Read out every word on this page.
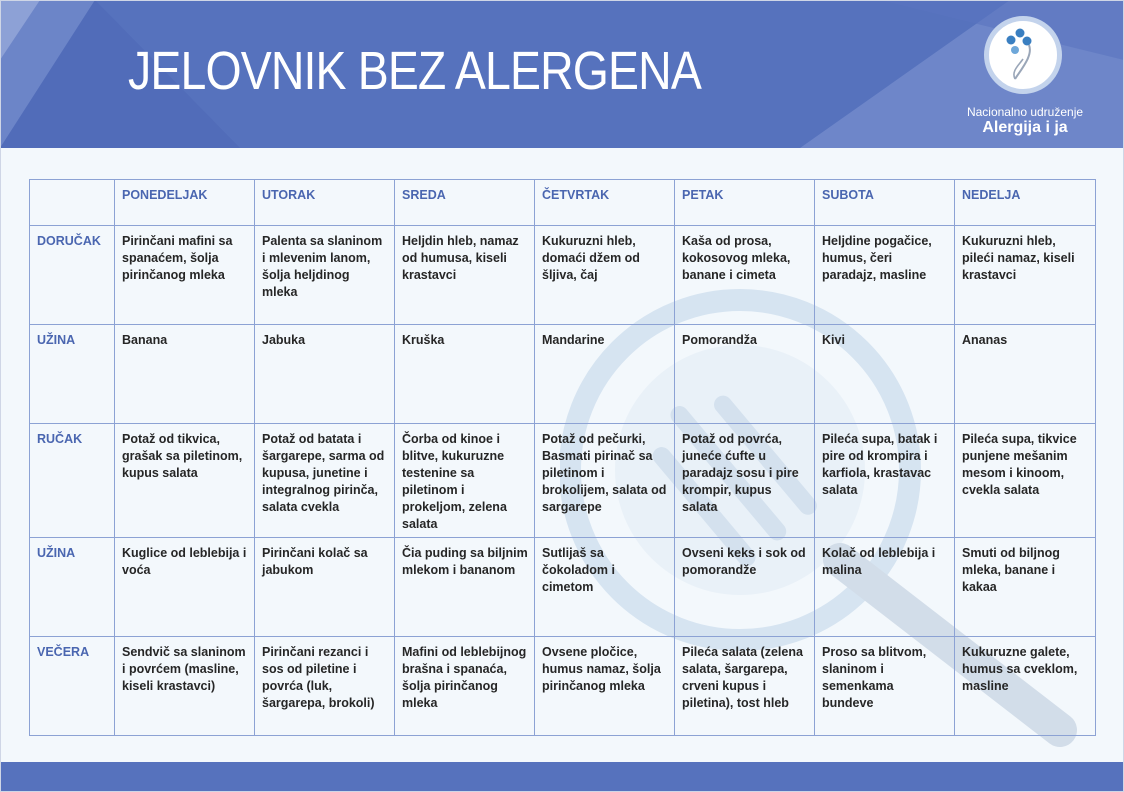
JELOVNIK BEZ ALERGENA
Nacionalno udruženje
Alergija i ja
	PONEDELJAK	UTORAK	SREDA	ČETVRTAK	PETAK	SUBOTA	NEDELJA
DORUČAK	Pirinčani mafini sa spanaćem, šolja pirinčanog mleka	Palenta sa slaninom i mlevenim lanom, šolja heljdinog mleka	Heljdin hleb, namaz od humusa, kiseli krastavci	Kukuruzni hleb, domaći džem od šljiva, čaj	Kaša od prosa, kokosovog mleka, banane i cimeta	Heljdine pogačice, humus, čeri paradajz, masline	Kukuruzni hleb, pileći namaz, kiseli krastavci
UŽINA	Banana	Jabuka	Kruška	Mandarine	Pomorandža	Kivi	Ananas
RUČAK	Potaž od tikvica, grašak sa piletinom, kupus salata	Potaž od batata i šargarepe, sarma od kupusa, junetine i integralnog pirinča, salata cvekla	Čorba od kinoe i blitve, kukuruzne testenine sa piletinom i prokeljom, zelena salata	Potaž od pečurki, Basmati pirinač sa piletinom i brokolijem, salata od sargarepe	Potaž od povrća, juneće ćufte u paradajz sosu i pire krompir, kupus salata	Pileća supa, batak i pire od krompira i karfiola, krastavac salata	Pileća supa, tikvice punjene mešanim mesom i kinoom, cvekla salata
UŽINA	Kuglice od leblebija i voća	Pirinčani kolač sa jabukom	Čia puding sa biljnim mlekom i bananom	Sutlijaš sa čokoladom i cimetom	Ovseni keks i sok od pomorandže	Kolač od leblebija i malina	Smuti od biljnog mleka, banane i kakaa
VEČERA	Sendvič sa slaninom i povrćem (masline, kiseli krastavci)	Pirinčani rezanci i sos od piletine i povrća (luk, šargarepa, brokoli)	Mafini od leblebijnog brašna i spanaća, šolja pirinčanog mleka	Ovsene pločice, humus namaz, šolja pirinčanog mleka	Pileća salata (zelena salata, šargarepa, crveni kupus i piletina), tost hleb	Proso sa blitvom, slaninom i semenkama bundeve	Kukuruzne galete, humus sa cveklom, masline
